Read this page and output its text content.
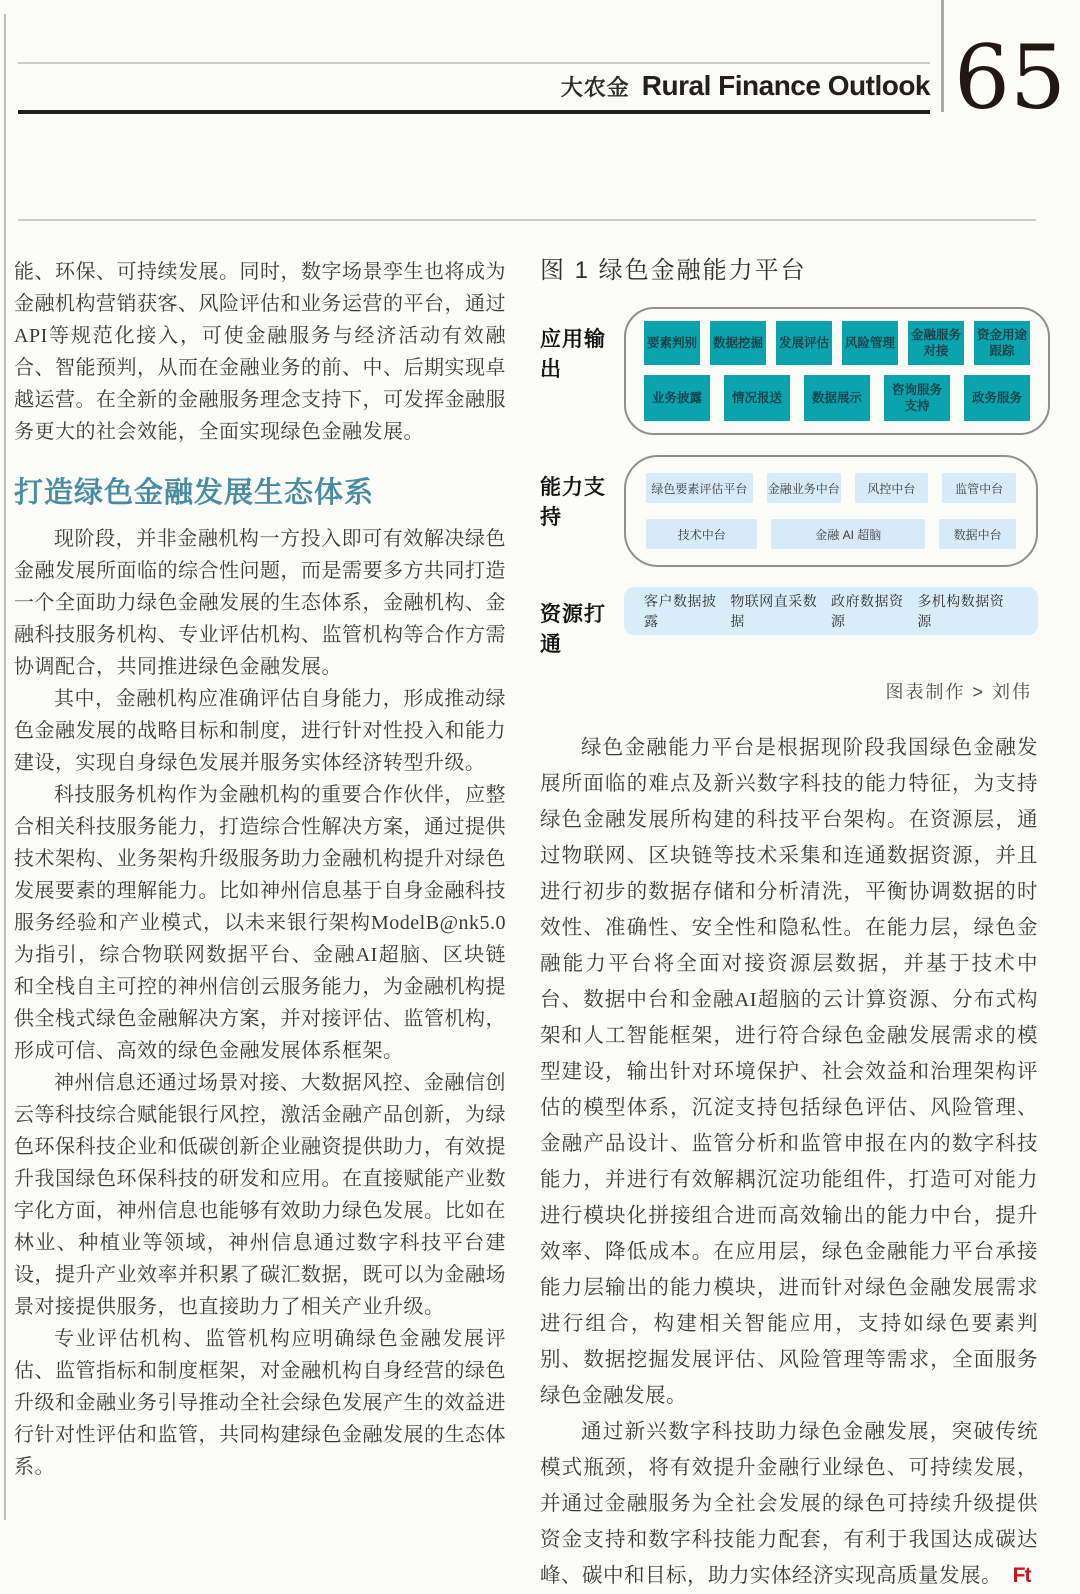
大农金 Rural Finance Outlook 65

能、环保、可持续发展。同时，数字场景孪生也将成为金融机构营销获客、风险评估和业务运营的平台，通过API等规范化接入，可使金融服务与经济活动有效融合、智能预判，从而在金融业务的前、中、后期实现卓越运营。在全新的金融服务理念支持下，可发挥金融服务更大的社会效能，全面实现绿色金融发展。

打造绿色金融发展生态体系

现阶段，并非金融机构一方投入即可有效解决绿色金融发展所面临的综合性问题，而是需要多方共同打造一个全面助力绿色金融发展的生态体系，金融机构、金融科技服务机构、专业评估机构、监管机构等合作方需协调配合，共同推进绿色金融发展。

其中，金融机构应准确评估自身能力，形成推动绿色金融发展的战略目标和制度，进行针对性投入和能力建设，实现自身绿色发展并服务实体经济转型升级。

科技服务机构作为金融机构的重要合作伙伴，应整合相关科技服务能力，打造综合性解决方案，通过提供技术架构、业务架构升级服务助力金融机构提升对绿色发展要素的理解能力。比如神州信息基于自身金融科技服务经验和产业模式，以未来银行架构ModelB@nk5.0为指引，综合物联网数据平台、金融AI超脑、区块链和全栈自主可控的神州信创云服务能力，为金融机构提供全栈式绿色金融解决方案，并对接评估、监管机构，形成可信、高效的绿色金融发展体系框架。

神州信息还通过场景对接、大数据风控、金融信创云等科技综合赋能银行风控，激活金融产品创新，为绿色环保科技企业和低碳创新企业融资提供助力，有效提升我国绿色环保科技的研发和应用。在直接赋能产业数字化方面，神州信息也能够有效助力绿色发展。比如在林业、种植业等领域，神州信息通过数字科技平台建设，提升产业效率并积累了碳汇数据，既可以为金融场景对接提供服务，也直接助力了相关产业升级。

专业评估机构、监管机构应明确绿色金融发展评估、监管指标和制度框架，对金融机构自身经营的绿色升级和金融业务引导推动全社会绿色发展产生的效益进行针对性评估和监管，共同构建绿色金融发展的生态体系。

图 1 绿色金融能力平台
应用输出
要素判别 数据挖掘 发展评估 风险管理
金融服务对接
资金用途跟踪
业务披露	情况报送	数据展示
咨询服务支持
政务服务
能力支持
绿色要素评估平台	金融业务中台	风控中台	监管中台
技术中台	金融 AI 超脑	数据中台
资源打通
客户数据披露
物联网直采数据
政府数据资源
多机构数据资源
图表制作 > 刘伟

绿色金融能力平台是根据现阶段我国绿色金融发展所面临的难点及新兴数字科技的能力特征，为支持绿色金融发展所构建的科技平台架构。在资源层，通过物联网、区块链等技术采集和连通数据资源，并且进行初步的数据存储和分析清洗，平衡协调数据的时效性、准确性、安全性和隐私性。在能力层，绿色金融能力平台将全面对接资源层数据，并基于技术中台、数据中台和金融AI超脑的云计算资源、分布式构架和人工智能框架，进行符合绿色金融发展需求的模型建设，输出针对环境保护、社会效益和治理架构评估的模型体系，沉淀支持包括绿色评估、风险管理、金融产品设计、监管分析和监管申报在内的数字科技能力，并进行有效解耦沉淀功能组件，打造可对能力进行模块化拼接组合进而高效输出的能力中台，提升效率、降低成本。在应用层，绿色金融能力平台承接能力层输出的能力模块，进而针对绿色金融发展需求进行组合，构建相关智能应用，支持如绿色要素判别、数据挖掘发展评估、风险管理等需求，全面服务绿色金融发展。

通过新兴数字科技助力绿色金融发展，突破传统模式瓶颈，将有效提升金融行业绿色、可持续发展，并通过金融服务为全社会发展的绿色可持续升级提供资金支持和数字科技能力配套，有利于我国达成碳达峰、碳中和目标，助力实体经济实现高质量发展。 Ft
